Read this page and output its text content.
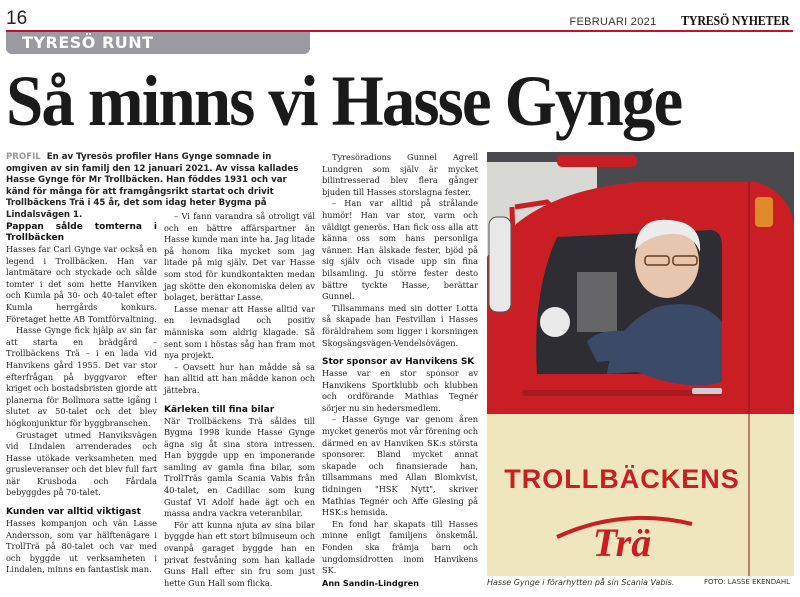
16	FEBRUARI 2021 TYRESÖ NYHETER
TYRESÖ RUNT
Så minns vi Hasse Gynge
PROFIL En av Tyresös profiler Hans Gynge somnade in omgiven av sin familj den 12 januari 2021. Av vissa kallades Hasse Gynge för Mr Trollbäcken. Han föddes 1931 och var känd för många för att framgångsrikt startat och drivit Trollbäckens Trä i 45 år, det som idag heter Bygma på Lindalsvägen 1.
Pappan sålde tomterna i Trollbäcken

Hasses far Carl Gynge var också en legend i Trollbäcken. Han var lantmätare och styckade och sålde tomter i det som hette Hanviken och Kumla på 30- och 40-talet efter Kumla herrgårds konkurs. Företaget hette AB Tomtförvaltning.

Hasse Gynge fick hjälp av sin far att starta en brädgård – Trollbäckens Trä – i en lada vid Hanvikens gård 1955. Det var stor efterfrågan på byggvaror efter kriget och bostadsbristen gjorde att planerna för Bollmora satte igång i slutet av 50-talet och det blev högkonjunktur för byggbranschen.

Grustaget utmed Hanviksvägen vid Lindalen arrenderades och Hasse utökade verksamheten med grusleveranser och det blev full fart när Krusboda och Fårdala bebyggdes på 70-talet.

Kunden var alltid viktigast

Hasses kompanjon och vän Lasse Andersson, som var hälftenägare i TrollTrä på 80-talet och var med och byggde ut verksamheten i Lindalen, minns en fantastisk man.

– Vi fann varandra så otroligt väl och en bättre affärspartner än Hasse kunde man inte ha. Jag litade på honom lika mycket som jag litade på mig själv. Det var Hasse som stod för kundkontakten medan jag skötte den ekonomiska delen av bolaget, berättar Lasse.

Lasse menar att Hasse alltid var en levnadsglad och positiv människa som aldrig klagade. Så sent som i höstas såg han fram mot nya projekt.

– Oavsett hur han mådde så sa han alltid att han mådde kanon och jättebra.

Kärleken till fina bilar

När Trollbäckens Trä såldes till Bygma 1998 kunde Hasse Gynge ägna sig åt sina stora intressen. Han byggde upp en imponerande samling av gamla fina bilar, som TrollTräs gamla Scania Vabis från 40-talet, en Cadillac som kung Gustaf VI Adolf hade ägt och en massa andra vackra veteranbilar.

För att kunna njuta av sina bilar byggde han ett stort bilmuseum och ovanpå garaget byggde han en privat festvåning som han kallade Guns Hall efter sin fru som just hette Gun Hall som flicka.

Tyresöradions Gunnel Agrell Lundgren som själv är mycket bilintresserad blev flera gånger bjuden till Hasses storslagna fester.

– Han var alltid på strålande humör! Han var stor, varm och väldigt generös. Han fick oss alla att känna oss som hans personliga vänner. Han älskade fester, bjöd på sig själv och visade upp sin fina bilsamling. Ju större fester desto bättre tyckte Hasse, berättar Gunnel.

Tillsammans med sin dotter Lotta så skapade han Festvillan i Hasses föräldrahem som ligger i korsningen Skogsängsvägen-Vendelsövägen.

Stor sponsor av Hanvikens SK

Hasse var en stor sponsor av Hanvikens Sportklubb och klubben och ordförande Mathias Tegnér sörjer nu sin hedersmedlem.

– Hasse Gynge var genom åren mycket generös mot vår förening och därmed en av Hanviken SK:s största sponsorer. Bland mycket annat skapade och finansierade han, tillsammans med Allan Blomkvist, tidningen "HSK Nytt", skriver Mathias Tegnér och Affe Glesing på HSK:s hemsida.

En fond har skapats till Hasses minne enligt familjens önskemål. Fonden ska främja barn och ungdomsidrotten inom Hanvikens SK.

Ann Sandin-Lindgren
TROLLBÄCKENS
Trä
Hasse Gynge i förarhytten på sin Scania Vabis.	FOTO: LASSE EKENDAHL
